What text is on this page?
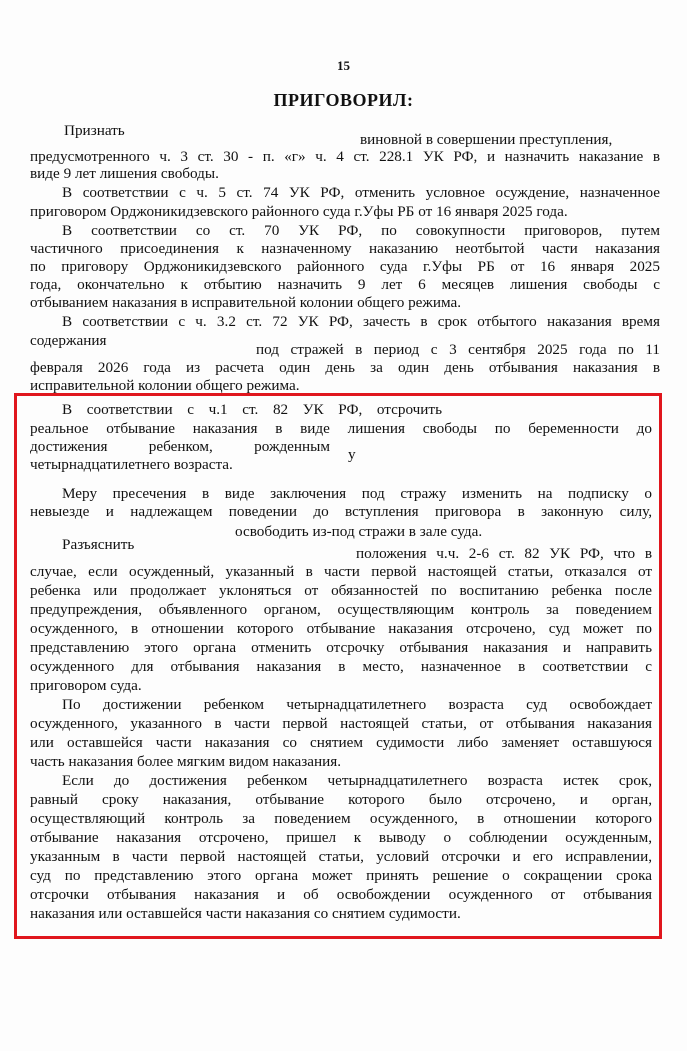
15
ПРИГОВОРИЛ:
Признать
виновной в совершении преступления,
предусмотренного ч. 3 ст. 30 - п. «г» ч. 4 ст. 228.1 УК РФ, и назначить наказание в
виде 9 лет лишения свободы.
В соответствии с ч. 5 ст. 74 УК РФ, отменить условное осуждение, назначенное
приговором Орджоникидзевского районного суда г.Уфы РБ от 16 января 2025 года.
В соответствии со ст. 70 УК РФ, по совокупности приговоров, путем
частичного присоединения к назначенному наказанию неотбытой части наказания
по приговору Орджоникидзевского районного суда г.Уфы РБ от 16 января 2025
года, окончательно к отбытию назначить 9 лет 6 месяцев лишения свободы с
отбыванием наказания в исправительной колонии общего режима.
В соответствии с ч. 3.2 ст. 72 УК РФ, зачесть в срок отбытого наказания время
содержания
под стражей в период с 3 сентября 2025 года по 11
февраля 2026 года из расчета один день за один день отбывания наказания в
исправительной колонии общего режима.
В соответствии с ч.1 ст. 82 УК РФ, отсрочить
реальное отбывание наказания в виде лишения свободы по беременности до
достижения ребенком, рожденным у
четырнадцатилетнего возраста.
Меру пресечения в виде заключения под стражу изменить на подписку о
невыезде и надлежащем поведении до вступления приговора в законную силу,
освободить из-под стражи в зале суда.
Разъяснить
положения ч.ч. 2-6 ст. 82 УК РФ, что в
случае, если осужденный, указанный в части первой настоящей статьи, отказался от
ребенка или продолжает уклоняться от обязанностей по воспитанию ребенка после
предупреждения, объявленного органом, осуществляющим контроль за поведением
осужденного, в отношении которого отбывание наказания отсрочено, суд может по
представлению этого органа отменить отсрочку отбывания наказания и направить
осужденного для отбывания наказания в место, назначенное в соответствии с
приговором суда.
По достижении ребенком четырнадцатилетнего возраста суд освобождает
осужденного, указанного в части первой настоящей статьи, от отбывания наказания
или оставшейся части наказания со снятием судимости либо заменяет оставшуюся
часть наказания более мягким видом наказания.
Если до достижения ребенком четырнадцатилетнего возраста истек срок,
равный сроку наказания, отбывание которого было отсрочено, и орган,
осуществляющий контроль за поведением осужденного, в отношении которого
отбывание наказания отсрочено, пришел к выводу о соблюдении осужденным,
указанным в части первой настоящей статьи, условий отсрочки и его исправлении,
суд по представлению этого органа может принять решение о сокращении срока
отсрочки отбывания наказания и об освобождении осужденного от отбывания
наказания или оставшейся части наказания со снятием судимости.
